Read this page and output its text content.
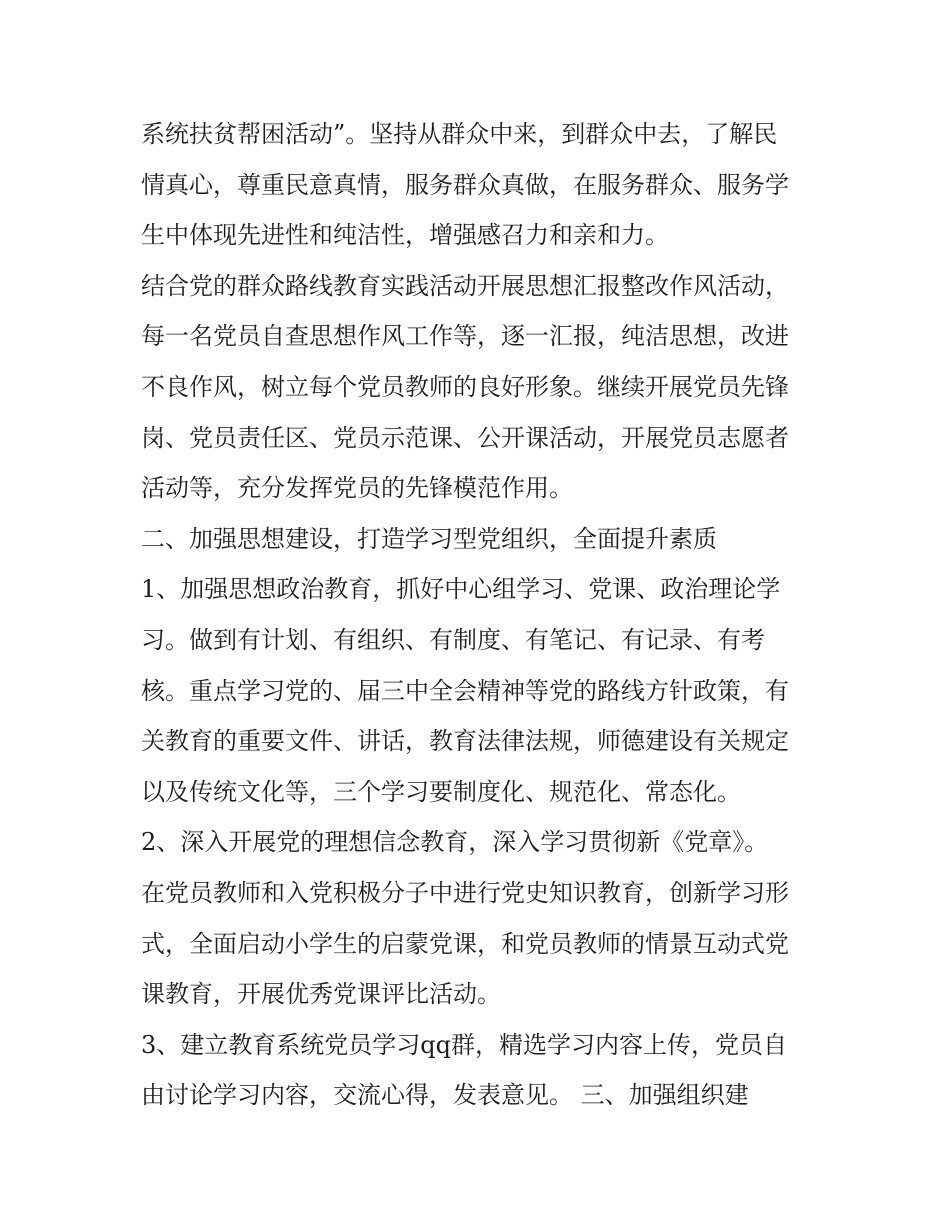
系统扶贫帮困活动”。坚持从群众中来，到群众中去，了解民
情真心，尊重民意真情，服务群众真做，在服务群众、服务学
生中体现先进性和纯洁性，增强感召力和亲和力。
结合党的群众路线教育实践活动开展思想汇报整改作风活动，
每一名党员自查思想作风工作等，逐一汇报，纯洁思想，改进
不良作风，树立每个党员教师的良好形象。继续开展党员先锋
岗、党员责任区、党员示范课、公开课活动，开展党员志愿者
活动等，充分发挥党员的先锋模范作用。
二、加强思想建设，打造学习型党组织，全面提升素质
1、加强思想政治教育，抓好中心组学习、党课、政治理论学
习。做到有计划、有组织、有制度、有笔记、有记录、有考
核。重点学习党的、届三中全会精神等党的路线方针政策，有
关教育的重要文件、讲话，教育法律法规，师德建设有关规定
以及传统文化等，三个学习要制度化、规范化、常态化。
2、深入开展党的理想信念教育，深入学习贯彻新《党章》。
在党员教师和入党积极分子中进行党史知识教育，创新学习形
式，全面启动小学生的启蒙党课，和党员教师的情景互动式党
课教育，开展优秀党课评比活动。
3、建立教育系统党员学习qq群，精选学习内容上传，党员自
由讨论学习内容，交流心得，发表意见。 三、加强组织建
